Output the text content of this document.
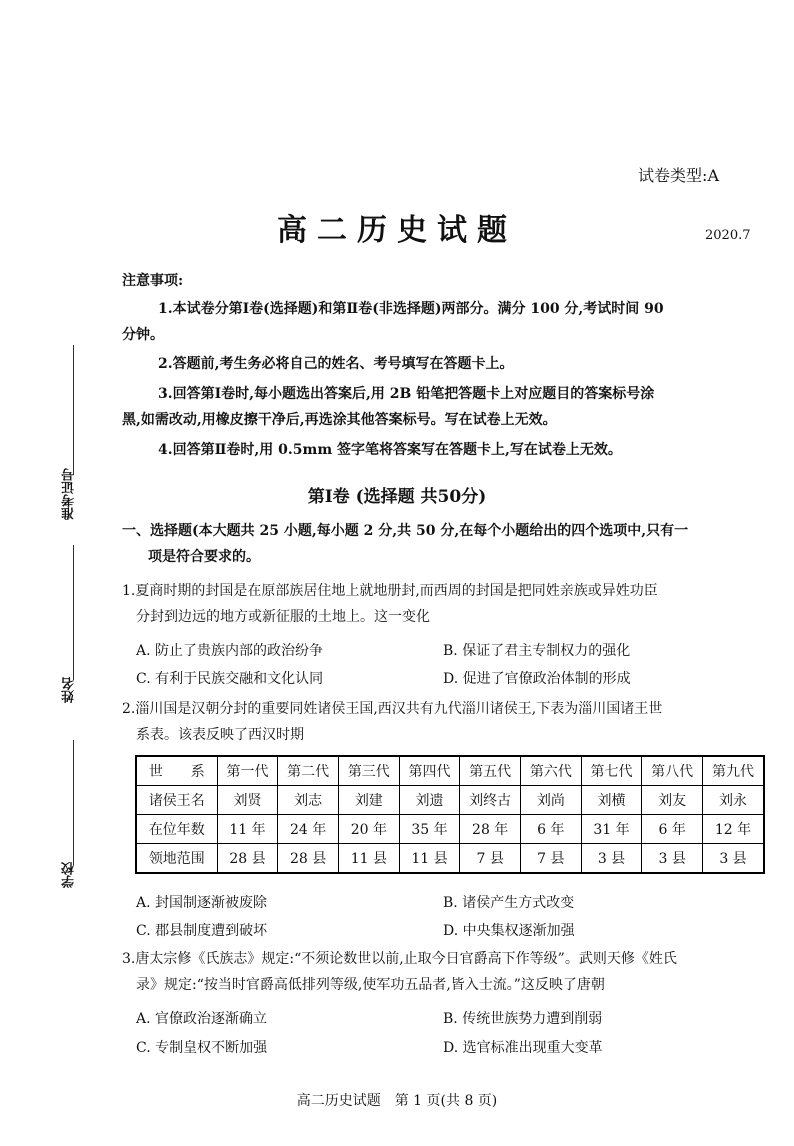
准考证号
姓名
学校
试卷类型:A
高二历史试题	2020.7
注意事项:
1.本试卷分第Ⅰ卷(选择题)和第Ⅱ卷(非选择题)两部分。满分 100 分,考试时间 90
分钟。
2.答题前,考生务必将自己的姓名、考号填写在答题卡上。
3.回答第Ⅰ卷时,每小题选出答案后,用 2B 铅笔把答题卡上对应题目的答案标号涂
黑,如需改动,用橡皮擦干净后,再选涂其他答案标号。写在试卷上无效。
4.回答第Ⅱ卷时,用 0.5mm 签字笔将答案写在答题卡上,写在试卷上无效。
第Ⅰ卷 (选择题 共50分)
一、选择题(本大题共 25 小题,每小题 2 分,共 50 分,在每个小题给出的四个选项中,只有一
项是符合要求的。
1.夏商时期的封国是在原部族居住地上就地册封,而西周的封国是把同姓亲族或异姓功臣
分封到边远的地方或新征服的土地上。这一变化
A. 防止了贵族内部的政治纷争	B. 保证了君主专制权力的强化
C. 有利于民族交融和文化认同	D. 促进了官僚政治体制的形成
2.淄川国是汉朝分封的重要同姓诸侯王国,西汉共有九代淄川诸侯王,下表为淄川国诸王世
系表。该表反映了西汉时期
世　　系	第一代	第二代	第三代	第四代	第五代	第六代	第七代	第八代	第九代
诸侯王名	刘贤	刘志	刘建	刘遗	刘终古	刘尚	刘横	刘友	刘永
在位年数	11 年	24 年	20 年	35 年	28 年	6 年	31 年	6 年	12 年
领地范围	28 县	28 县	11 县	11 县	7 县	7 县	3 县	3 县	3 县
A. 封国制逐渐被废除	B. 诸侯产生方式改变
C. 郡县制度遭到破坏	D. 中央集权逐渐加强
3.唐太宗修《氏族志》规定:“不须论数世以前,止取今日官爵高下作等级”。武则天修《姓氏
录》规定:“按当时官爵高低排列等级,使军功五品者,皆入士流。”这反映了唐朝
A. 官僚政治逐渐确立	B. 传统世族势力遭到削弱
C. 专制皇权不断加强	D. 选官标准出现重大变革
高二历史试题　第 1 页(共 8 页)
